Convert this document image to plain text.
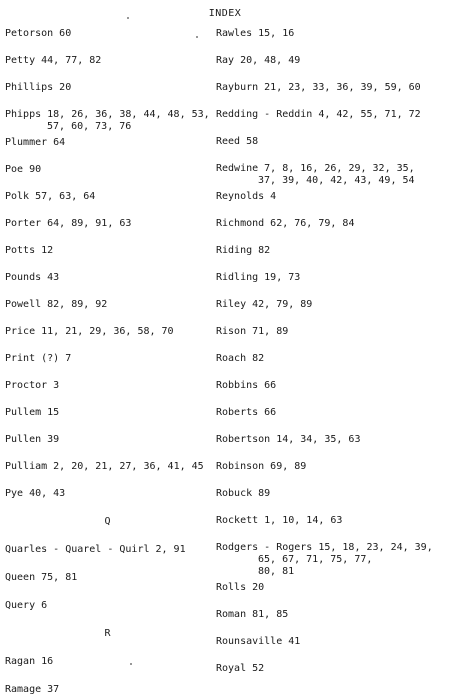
INDEX
Petorson 60
Petty 44, 77, 82
Phillips 20
Phipps 18, 26, 36, 38, 44, 48, 53,
57, 60, 73, 76
Plummer 64
Poe 90
Polk 57, 63, 64
Porter 64, 89, 91, 63
Potts 12
Pounds 43
Powell 82, 89, 92
Price 11, 21, 29, 36, 58, 70
Print (?) 7
Proctor 3
Pullem 15
Pullen 39
Pulliam 2, 20, 21, 27, 36, 41, 45
Pye 40, 43
Q
Quarles - Quarel - Quirl 2, 91
Queen 75, 81
Query 6
R
Ragan 16
Ramage 37
Rawles 15, 16
Ray 20, 48, 49
Rayburn 21, 23, 33, 36, 39, 59, 60
Redding - Reddin 4, 42, 55, 71, 72
Reed 58
Redwine 7, 8, 16, 26, 29, 32, 35,
37, 39, 40, 42, 43, 49, 54
Reynolds 4
Richmond 62, 76, 79, 84
Riding 82
Ridling 19, 73
Riley 42, 79, 89
Rison 71, 89
Roach 82
Robbins 66
Roberts 66
Robertson 14, 34, 35, 63
Robinson 69, 89
Robuck 89
Rockett 1, 10, 14, 63
Rodgers - Rogers 15, 18, 23, 24, 39,
65, 67, 71, 75, 77,
80, 81
Rolls 20
Roman 81, 85
Rounsaville 41
Royal 52
